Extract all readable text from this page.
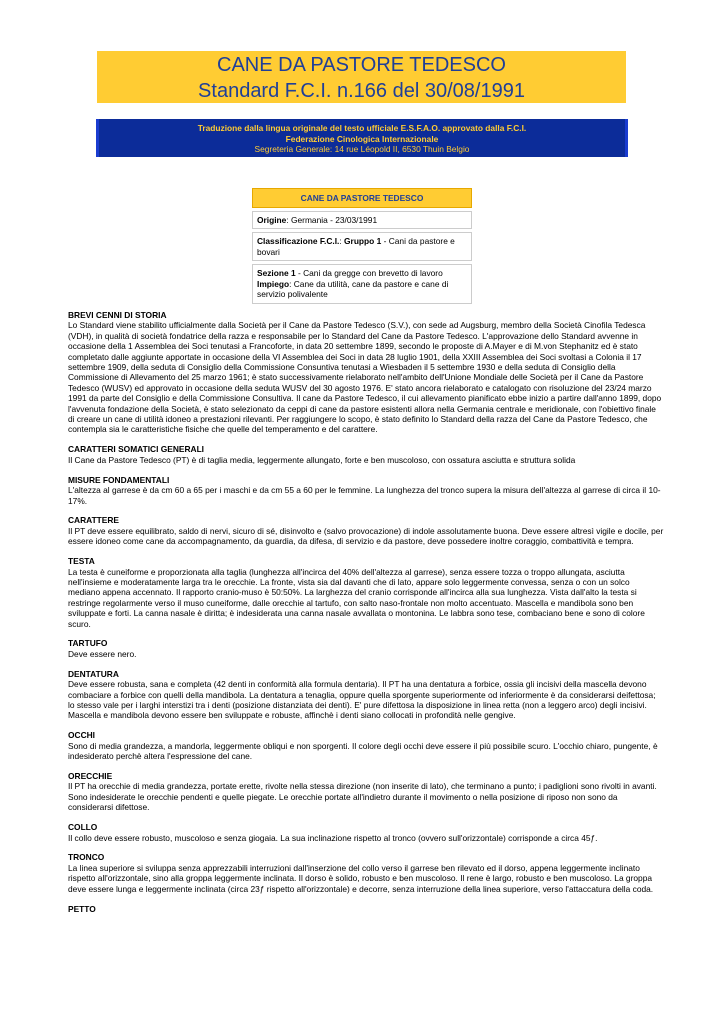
CANE DA PASTORE TEDESCO
Standard F.C.I. n.166 del 30/08/1991
Traduzione dalla lingua originale del testo ufficiale E.S.F.A.O. approvato dalla F.C.I.
Federazione Cinologica Internazionale
Segreteria Generale: 14 rue Léopold II, 6530 Thuin Belgio
CANE DA PASTORE TEDESCO
Origine: Germania - 23/03/1991
Classificazione F.C.I.: Gruppo 1 - Cani da pastore e bovari
Sezione 1 - Cani da gregge con brevetto di lavoro
Impiego: Cane da utilità, cane da pastore e cane di servizio polivalente
BREVI CENNI DI STORIA

Lo Standard viene stabilito ufficialmente dalla Società per il Cane da Pastore Tedesco (S.V.), con sede ad Augsburg, membro della Società Cinofila Tedesca (VDH), in qualità di società fondatrice della razza e responsabile per lo Standard del Cane da Pastore Tedesco. L'approvazione dello Standard avvenne in occasione della 1 Assemblea dei Soci tenutasi a Francoforte, in data 20 settembre 1899, secondo le proposte di A.Mayer e di M.von Stephanitz ed è stato completato dalle aggiunte apportate in occasione della VI Assemblea dei Soci in data 28 luglio 1901, della XXIII Assemblea dei Soci svoltasi a Colonia il 17 settembre 1909, della seduta di Consiglio della Commissione Consuntiva tenutasi a Wiesbaden il 5 settembre 1930 e della seduta di Consiglio della Commissione di Allevamento del 25 marzo 1961; è stato successivamente rielaborato nell'ambito dell'Unione Mondiale delle Società per il Cane da Pastore Tedesco (WUSV) ed approvato in occasione della seduta WUSV del 30 agosto 1976. E' stato ancora rielaborato e catalogato con risoluzione del 23/24 marzo 1991 da parte del Consiglio e della Commissione Consultiva. Il cane da Pastore Tedesco, il cui allevamento pianificato ebbe inizio a partire dall'anno 1899, dopo l'avvenuta fondazione della Società, è stato selezionato da ceppi di cane da pastore esistenti allora nella Germania centrale e meridionale, con l'obiettivo finale di creare un cane di utilità idoneo a prestazioni rilevanti. Per raggiungere lo scopo, è stato definito lo Standard della razza del Cane da Pastore Tedesco, che contempla sia le caratteristiche fisiche che quelle del temperamento e del carattere.

CARATTERI SOMATICI GENERALI

Il Cane da Pastore Tedesco (PT) è di taglia media, leggermente allungato, forte e ben muscoloso, con ossatura asciutta e struttura solida

MISURE FONDAMENTALI

L'altezza al garrese è da cm 60 a 65 per i maschi e da cm 55 a 60 per le femmine. La lunghezza del tronco supera la misura dell'altezza al garrese di circa il 10-17%.

CARATTERE

Il PT deve essere equilibrato, saldo di nervi, sicuro di sé, disinvolto e (salvo provocazione) di indole assolutamente buona. Deve essere altresì vigile e docile, per essere idoneo come cane da accompagnamento, da guardia, da difesa, di servizio e da pastore, deve possedere inoltre coraggio, combattività e tempra.

TESTA

La testa è cuneiforme e proporzionata alla taglia (lunghezza all'incirca del 40% dell'altezza al garrese), senza essere tozza o troppo allungata, asciutta nell'insieme e moderatamente larga tra le orecchie. La fronte, vista sia dal davanti che di lato, appare solo leggermente convessa, senza o con un solco mediano appena accennato. Il rapporto cranio-muso è 50:50%. La larghezza del cranio corrisponde all'incirca alla sua lunghezza. Vista dall'alto la testa si restringe regolarmente verso il muso cuneiforme, dalle orecchie al tartufo, con salto naso-frontale non molto accentuato. Mascella e mandibola sono ben sviluppate e forti. La canna nasale è diritta; è indesiderata una canna nasale avvallata o montonina. Le labbra sono tese, combaciano bene e sono di colore scuro.

TARTUFO

Deve essere nero.

DENTATURA

Deve essere robusta, sana e completa (42 denti in conformità alla formula dentaria). Il PT ha una dentatura a forbice, ossia gli incisivi della mascella devono combaciare a forbice con quelli della mandibola. La dentatura a tenaglia, oppure quella sporgente superiormente od inferiormente è da considerarsi deifettosa; lo stesso vale per i larghi interstizi tra i denti (posizione distanziata dei denti). E' pure difettosa la disposizione in linea retta (non a leggero arco) degli incisivi. Mascella e mandibola devono essere ben sviluppate e robuste, affinchè i denti siano collocati in profondità nelle gengive.

OCCHI

Sono di media grandezza, a mandorla, leggermente obliqui e non sporgenti. Il colore degli occhi deve essere il più possibile scuro. L'occhio chiaro, pungente, è indesiderato perchè altera l'espressione del cane.

ORECCHIE

Il PT ha orecchie di media grandezza, portate erette, rivolte nella stessa direzione (non inserite di lato), che terminano a punto; i padiglioni sono rivolti in avanti. Sono indesiderate le orecchie pendenti e quelle piegate. Le orecchie portate all'indietro durante il movimento o nella posizione di riposo non sono da considerarsi difettose.

COLLO

Il collo deve essere robusto, muscoloso e senza giogaia. La sua inclinazione rispetto al tronco (ovvero sull'orizzontale) corrisponde a circa 45ƒ.

TRONCO

La linea superiore si sviluppa senza apprezzabili interruzioni dall'inserzione del collo verso il garrese ben rilevato ed il dorso, appena leggermente inclinato rispetto all'orizzontale, sino alla groppa leggermente inclinata. Il dorso è solido, robusto e ben muscoloso. Il rene è largo, robusto e ben muscoloso. La groppa deve essere lunga e leggermente inclinata (circa 23ƒ rispetto all'orizzontale) e decorre, senza interruzione della linea superiore, verso l'attaccatura della coda.

PETTO
